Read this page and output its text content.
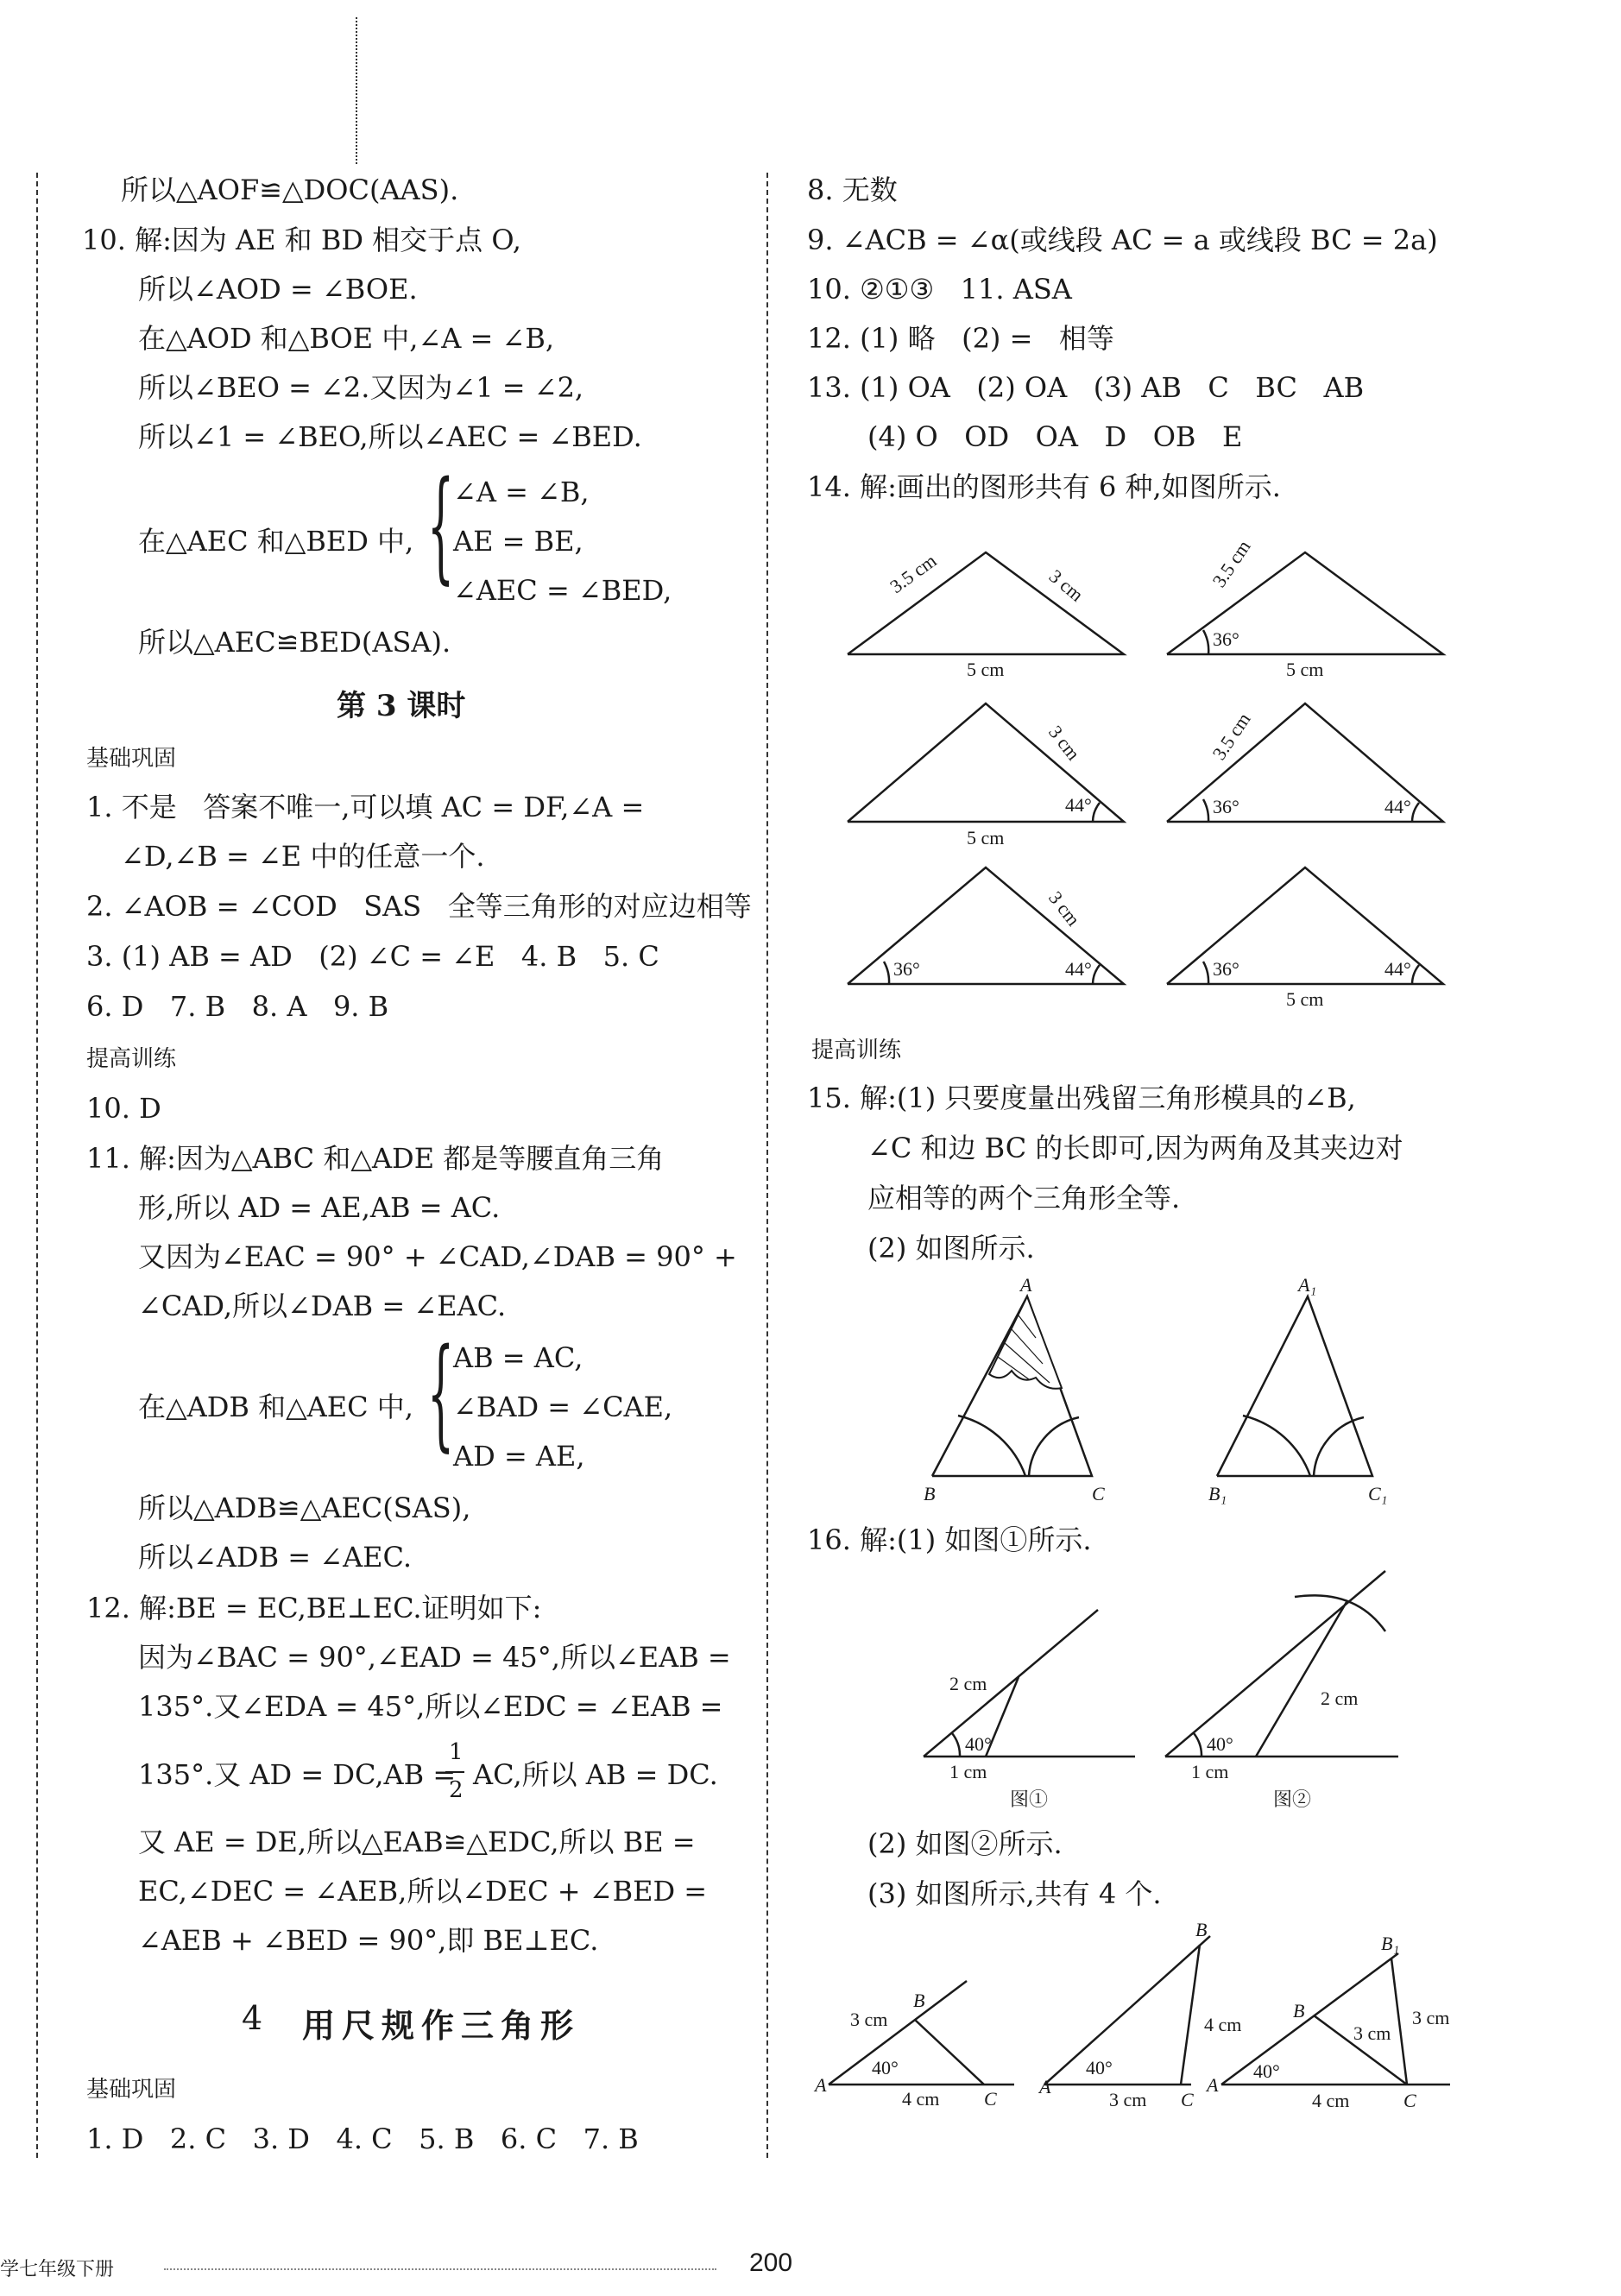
所以△AOF≌△DOC(AAS).
10. 解:因为 AE 和 BD 相交于点 O,
所以∠AOD = ∠BOE.
在△AOD 和△BOE 中,∠A = ∠B,
所以∠BEO = ∠2.又因为∠1 = ∠2,
所以∠1 = ∠BEO,所以∠AEC = ∠BED.
在△AEC 和△BED 中, {
∠A = ∠B,
AE = BE,
∠AEC = ∠BED,
所以△AEC≌BED(ASA).
第 3 课时
基础巩固
1. 不是   答案不唯一,可以填 AC = DF,∠A =
∠D,∠B = ∠E 中的任意一个.
2. ∠AOB = ∠COD   SAS   全等三角形的对应边相等
3. (1) AB = AD   (2) ∠C = ∠E   4. B   5. C
6. D   7. B   8. A   9. B
提高训练
10. D
11. 解:因为△ABC 和△ADE 都是等腰直角三角
形,所以 AD = AE,AB = AC.
又因为∠EAC = 90° + ∠CAD,∠DAB = 90° +
∠CAD,所以∠DAB = ∠EAC.
在△ADB 和△AEC 中, {
AB = AC,
∠BAD = ∠CAE,
AD = AE,
所以△ADB≌△AEC(SAS),
所以∠ADB = ∠AEC.
12. 解:BE = EC,BE⊥EC.证明如下:
因为∠BAC = 90°,∠EAD = 45°,所以∠EAB =
135°.又∠EDA = 45°,所以∠EDC = ∠EAB =
135°.又 AD = DC,AB =
1
2 AC,所以 AB = DC.
又 AE = DE,所以△EAB≌△EDC,所以 BE =
EC,∠DEC = ∠AEB,所以∠DEC + ∠BED =
∠AEB + ∠BED = 90°,即 BE⊥EC.
4 用尺规作三角形
基础巩固
1. D   2. C   3. D   4. C   5. B   6. C   7. B
8. 无数
9. ∠ACB = ∠α(或线段 AC = a 或线段 BC = 2a)
10. ②①③   11. ASA
12. (1) 略   (2) =   相等
13. (1) OA   (2) OA   (3) AB   C   BC   AB
(4) O   OD   OA   D   OB   E
14. 解:画出的图形共有 6 种,如图所示.
3.5 cm	3 cm
5 cm
3.5 cm
36°
5 cm
3 cm
44°
5 cm
3.5 cm
36°	44°
3 cm
36°	44°	36°	44°
5 cm
提高训练
15. 解:(1) 只要度量出残留三角形模具的∠B,
∠C 和边 BC 的长即可,因为两角及其夹边对
应相等的两个三角形全等.
(2) 如图所示.
A
B	C
A₁
B₁	C₁
16. 解:(1) 如图①所示.
2 cm
40°
1 cm
图①
2 cm
40°
1 cm
图②
(2) 如图②所示.
(3) 如图所示,共有 4 个.
B
3 cm
40°
A
4 cm C
B
4 cm
40°
A
3 cm C
B₁
B
3 cm
3 cm
40°
A
4 cm	C
学七年级下册	200
